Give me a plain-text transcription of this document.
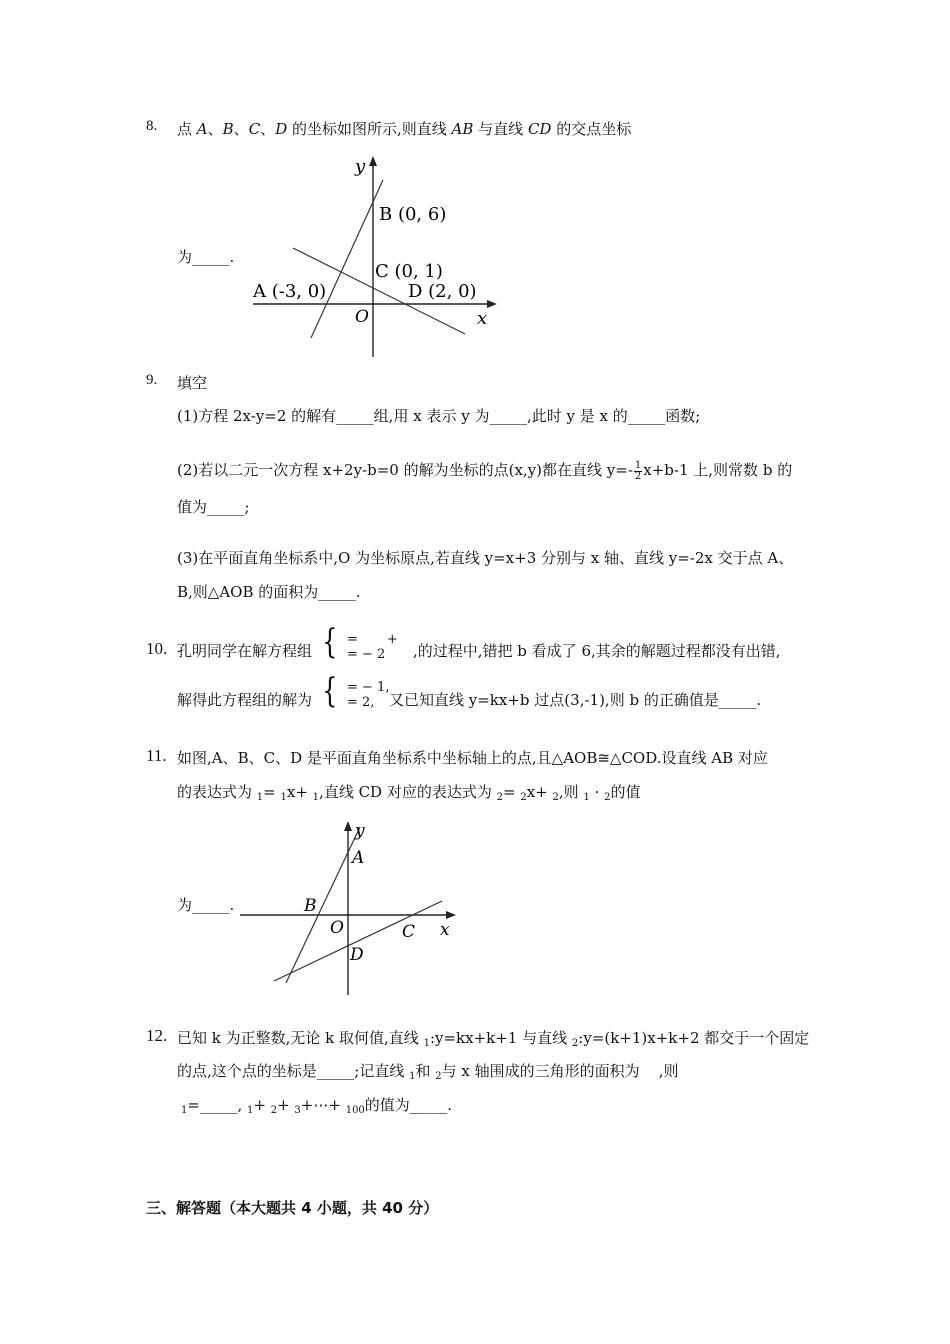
8. 点 A、B、C、D 的坐标如图所示,则直线 AB 与直线 CD 的交点坐标
为_____.
y
x
O
B (0, 6)
C (0, 1)
A (-3, 0)	D (2, 0)
9. 填空
(1)方程 2x-y=2 的解有_____组,用 x 表示 y 为_____,此时 y 是 x 的_____函数;
(2)若以二元一次方程 x+2y-b=0 的解为坐标的点(x,y)都在直线 $y=- \frac{1}{2} x+b-1$ 上,则常数 b 的
值为_____;
(3)在平面直角坐标系中,O 为坐标原点,若直线 y=x+3 分别与 x 轴、直线 y=-2x 交于点 A、
B,则△AOB 的面积为_____.
10. 孔明同学在解方程组 { =       +
= − 2	,的过程中,错把 b 看成了 6,其余的解题过程都没有出错,
解得此方程组的解为 { = − 1,
= 2, 又已知直线 y=kx+b 过点(3,-1),则 b 的正确值是_____.
11. 如图,A、B、C、D 是平面直角坐标系中坐标轴上的点,且△AOB≅△COD.设直线 AB 对应
的表达式为 $_1$= $_1$x+ $_1$,直线 CD 对应的表达式为 $_2$= $_2$x+ $_2$,则 $_1$ · $_2$的值
为_____.
y
x
O
A
B
C
D
12. 已知 k 为正整数,无论 k 取何值,直线 $_1$:y=kx+k+1 与直线 $_2$:y=(k+1)x+k+2 都交于一个固定
的点,这个点的坐标是_____;记直线 $_1$和 $_2$与 x 轴围成的三角形的面积为    ,则
$_1$=_____, $_1$+ $_2$+ $_3$+⋯+ $_{100}$的值为_____.
三、解答题（本大题共 4 小题，共 40 分）
